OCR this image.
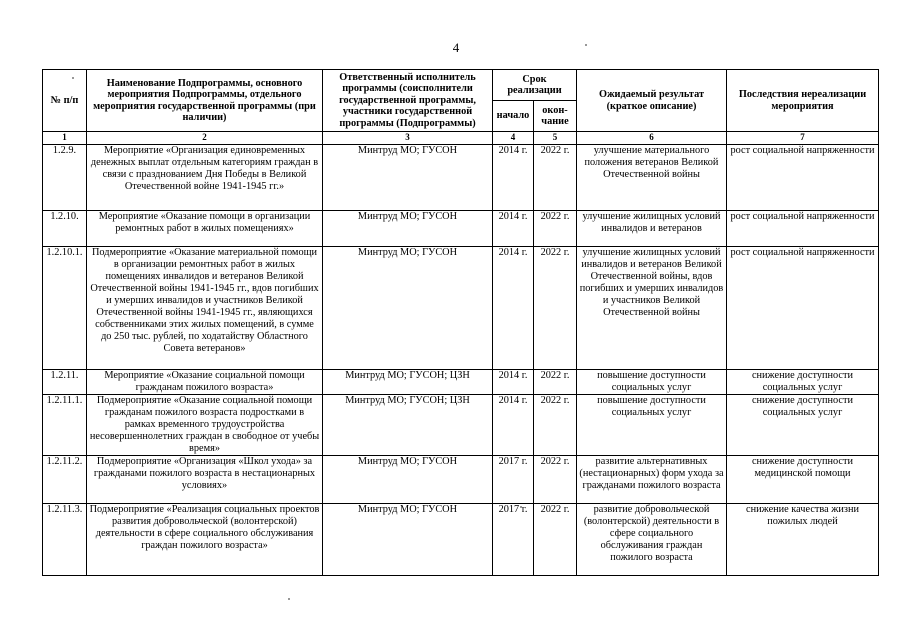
4
№ п/п	Наименование Подпрограммы, основного мероприятия Подпрограммы, отдельного мероприятия государственной программы (при наличии)	Ответственный исполнитель программы (соисполнители государственной программы, участники государственной программы (Подпрограммы)	Срок реализации		Ожидаемый результат (краткое описание)	Последствия нереализации мероприятия
			начало	окон-чание		
1	2	3	4	5	6	7
1.2.9.	Мероприятие «Организация единовременных денежных выплат отдельным категориям граждан в связи с празднованием Дня Победы в Великой Отечественной войне 1941-1945 гг.»	Минтруд МО; ГУСОН	2014 г.	2022 г.	улучшение материального положения ветеранов Великой Отечественной войны	рост социальной напряженности
1.2.10.	Мероприятие «Оказание помощи в организации ремонтных работ в жилых помещениях»	Минтруд МО; ГУСОН	2014 г.	2022 г.	улучшение жилищных условий инвалидов и ветеранов	рост социальной напряженности
1.2.10.1.	Подмероприятие «Оказание материальной помощи в организации ремонтных работ в жилых помещениях инвалидов и ветеранов Великой Отечественной войны 1941-1945 гг., вдов погибших и умерших инвалидов и участников Великой Отечественной войны 1941-1945 гг., являющихся собственниками этих жилых помещений, в сумме до 250 тыс. рублей, по ходатайству Областного Совета ветеранов»	Минтруд МО; ГУСОН	2014 г.	2022 г.	улучшение жилищных условий инвалидов и ветеранов Великой Отечественной войны, вдов погибших и умерших инвалидов и участников Великой Отечественной войны	рост социальной напряженности
1.2.11.	Мероприятие «Оказание социальной помощи гражданам пожилого возраста»	Минтруд МО; ГУСОН; ЦЗН	2014 г.	2022 г.	повышение доступности социальных услуг	снижение доступности социальных услуг
1.2.11.1.	Подмероприятие «Оказание социальной помощи гражданам пожилого возраста подростками в рамках временного трудоустройства несовершеннолетних граждан в свободное от учебы время»	Минтруд МО; ГУСОН; ЦЗН	2014 г.	2022 г.	повышение доступности социальных услуг	снижение доступности социальных услуг
1.2.11.2.	Подмероприятие «Организация «Школ ухода» за гражданами пожилого возраста в нестационарных условиях»	Минтруд МО; ГУСОН	2017 г.	2022 г.	развитие альтернативных (нестационарных) форм ухода за гражданами пожилого возраста	снижение доступности медицинской помощи
1.2.11.3.	Подмероприятие «Реализация социальных проектов развития добровольческой (волонтерской) деятельности в сфере социального обслуживания граждан пожилого возраста»	Минтруд МО; ГУСОН	2017 г.	2022 г.	развитие добровольческой (волонтерской) деятельности в сфере социального обслуживания граждан пожилого возраста	снижение качества жизни пожилых людей
